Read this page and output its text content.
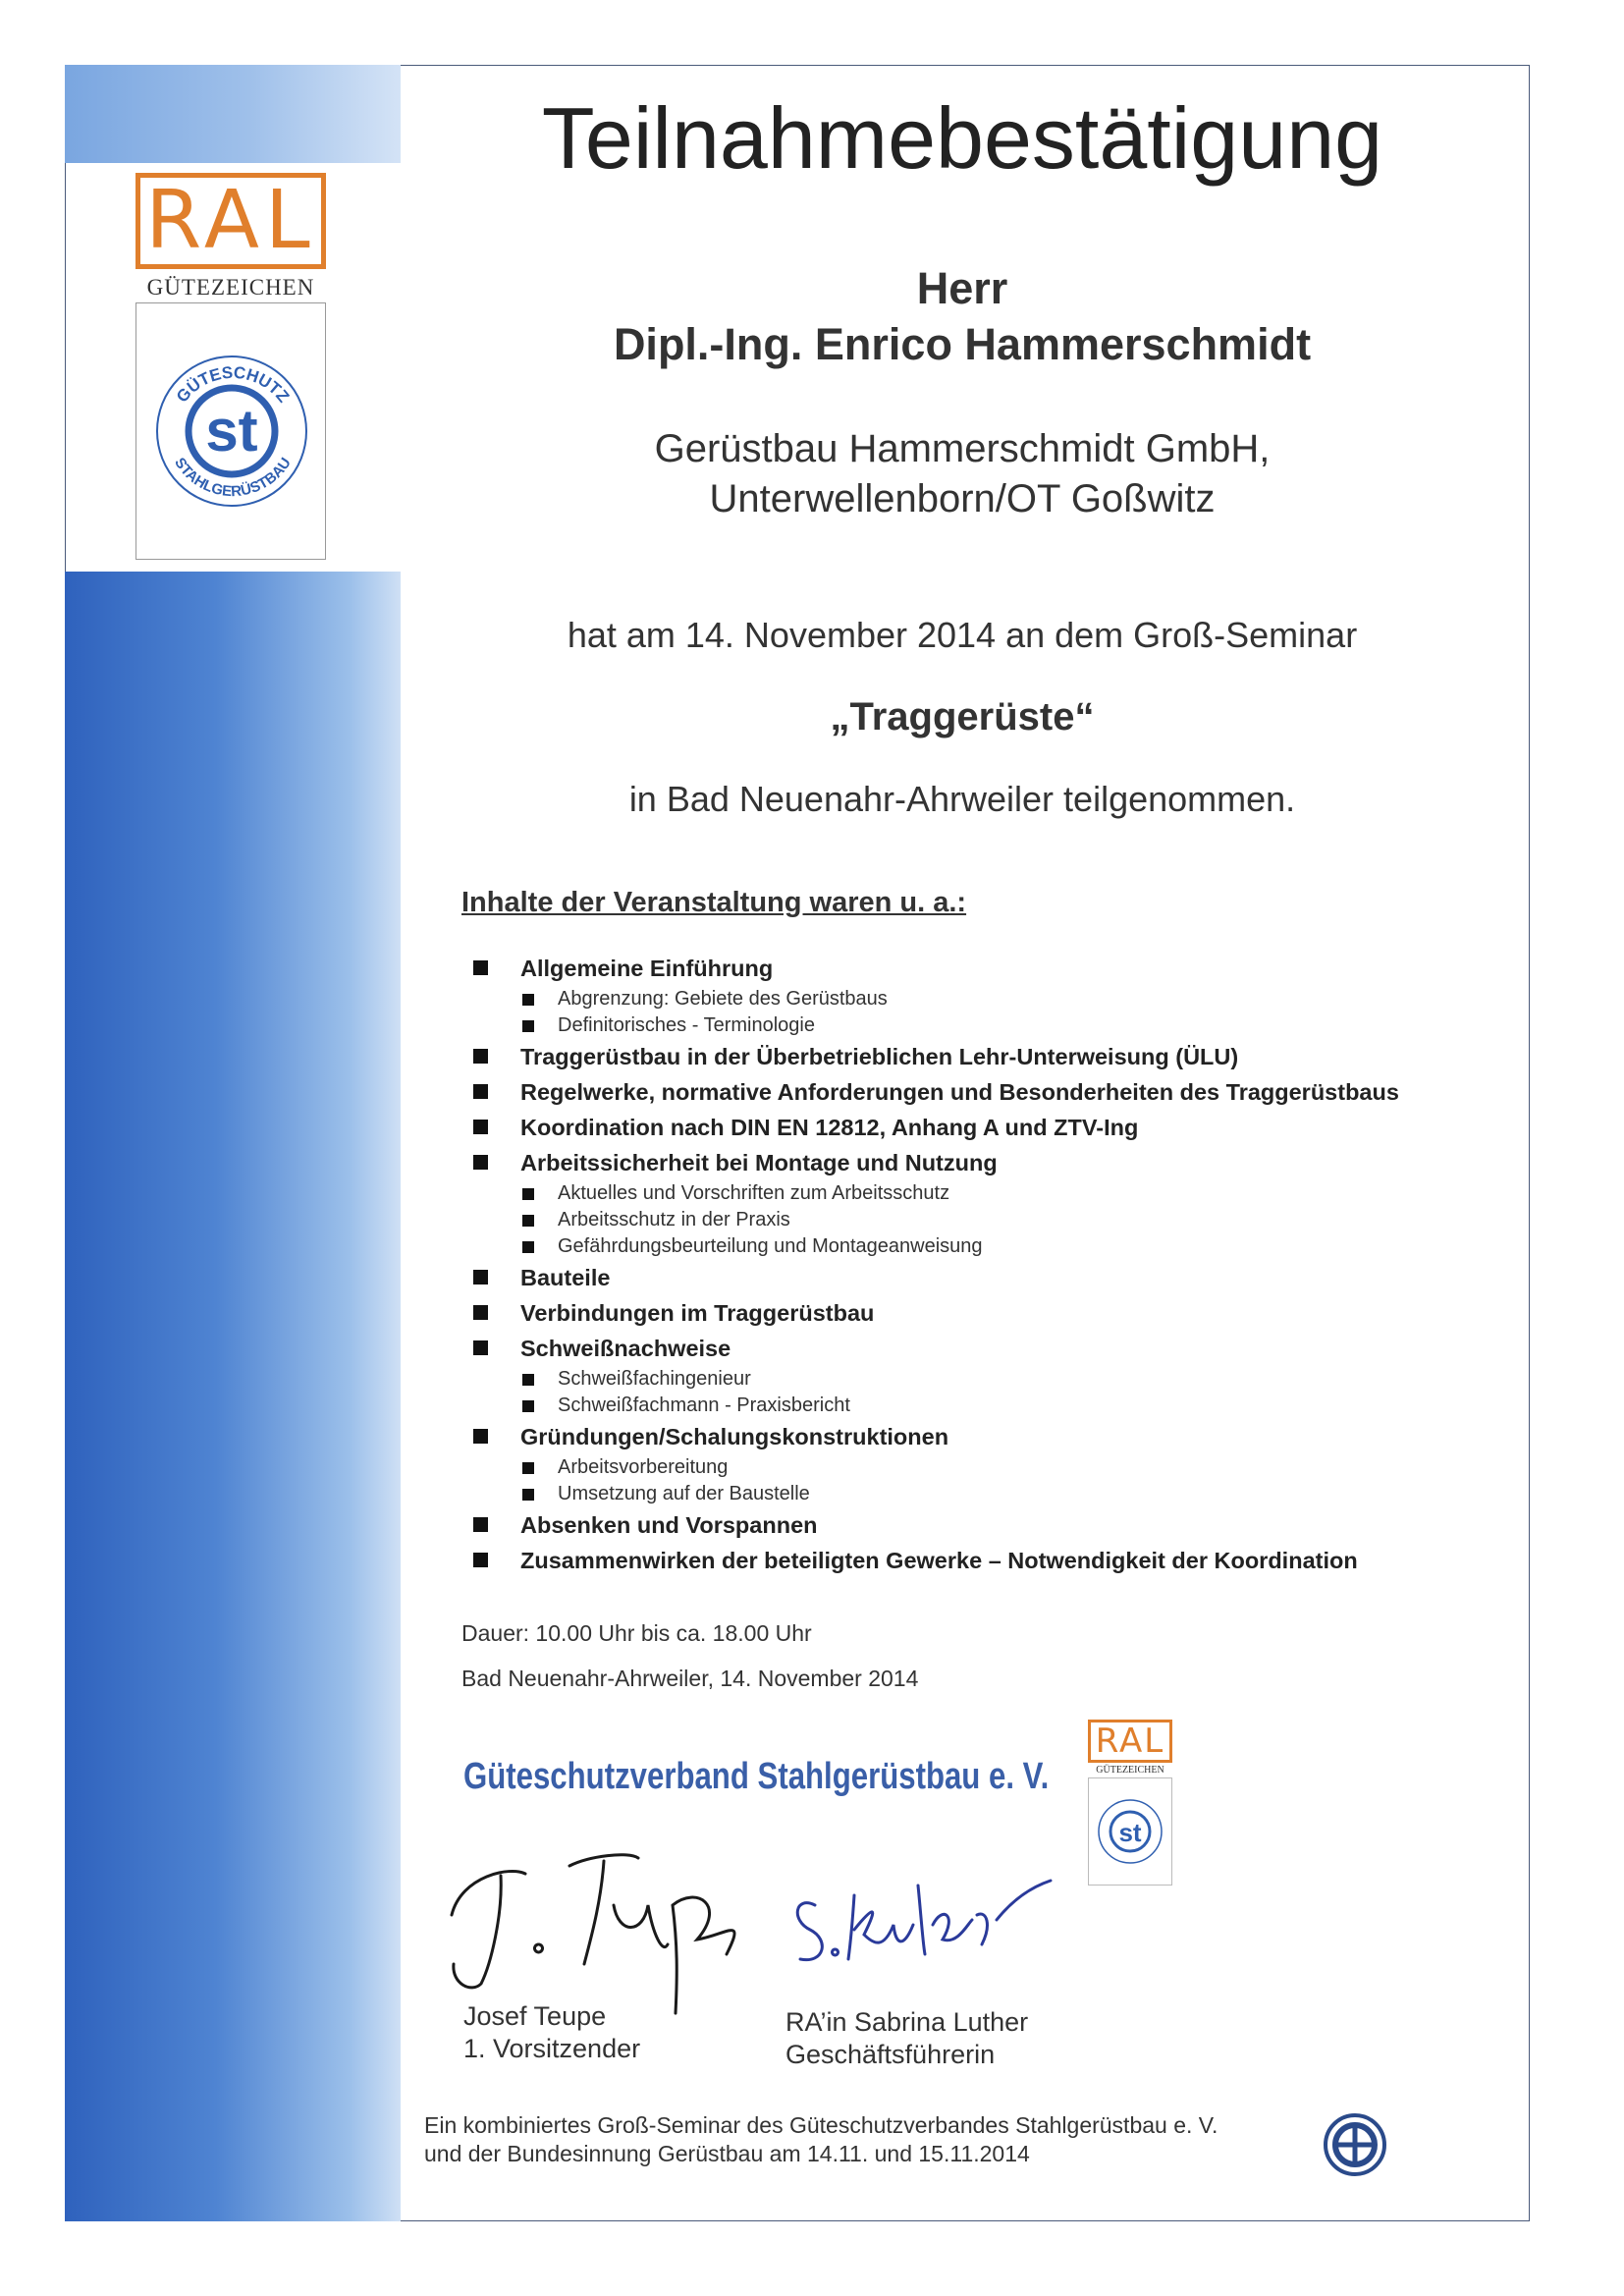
RAL
GÜTEZEICHEN
GÜTESCHUTZ
STAHLGERÜSTBAU
st
Teilnahmebestätigung
Herr
Dipl.-Ing. Enrico Hammerschmidt
Gerüstbau Hammerschmidt GmbH,
Unterwellenborn/OT Goßwitz
hat am 14. November 2014 an dem Groß-Seminar
„Traggerüste“
in Bad Neuenahr-Ahrweiler teilgenommen.
Inhalte der Veranstaltung waren u. a.:
Allgemeine Einführung
Abgrenzung: Gebiete des Gerüstbaus
Definitorisches - Terminologie
Traggerüstbau in der Überbetrieblichen Lehr-Unterweisung (ÜLU)
Regelwerke, normative Anforderungen und Besonderheiten des Traggerüstbaus
Koordination nach DIN EN 12812, Anhang A und ZTV-Ing
Arbeitssicherheit bei Montage und Nutzung
Aktuelles und Vorschriften zum Arbeitsschutz
Arbeitsschutz in der Praxis
Gefährdungsbeurteilung und Montageanweisung
Bauteile
Verbindungen im Traggerüstbau
Schweißnachweise
Schweißfachingenieur
Schweißfachmann - Praxisbericht
Gründungen/Schalungskonstruktionen
Arbeitsvorbereitung
Umsetzung auf der Baustelle
Absenken und Vorspannen
Zusammenwirken der beteiligten Gewerke – Notwendigkeit der Koordination
Dauer: 10.00 Uhr bis ca. 18.00 Uhr
Bad Neuenahr-Ahrweiler, 14. November 2014
Güteschutzverband Stahlgerüstbau e. V.
RAL
GÜTEZEICHEN
st
Josef Teupe
1. Vorsitzender
RA’in Sabrina Luther
Geschäftsführerin
Ein kombiniertes Groß-Seminar des Güteschutzverbandes Stahlgerüstbau e. V.
und der Bundesinnung Gerüstbau am 14.11. und 15.11.2014
